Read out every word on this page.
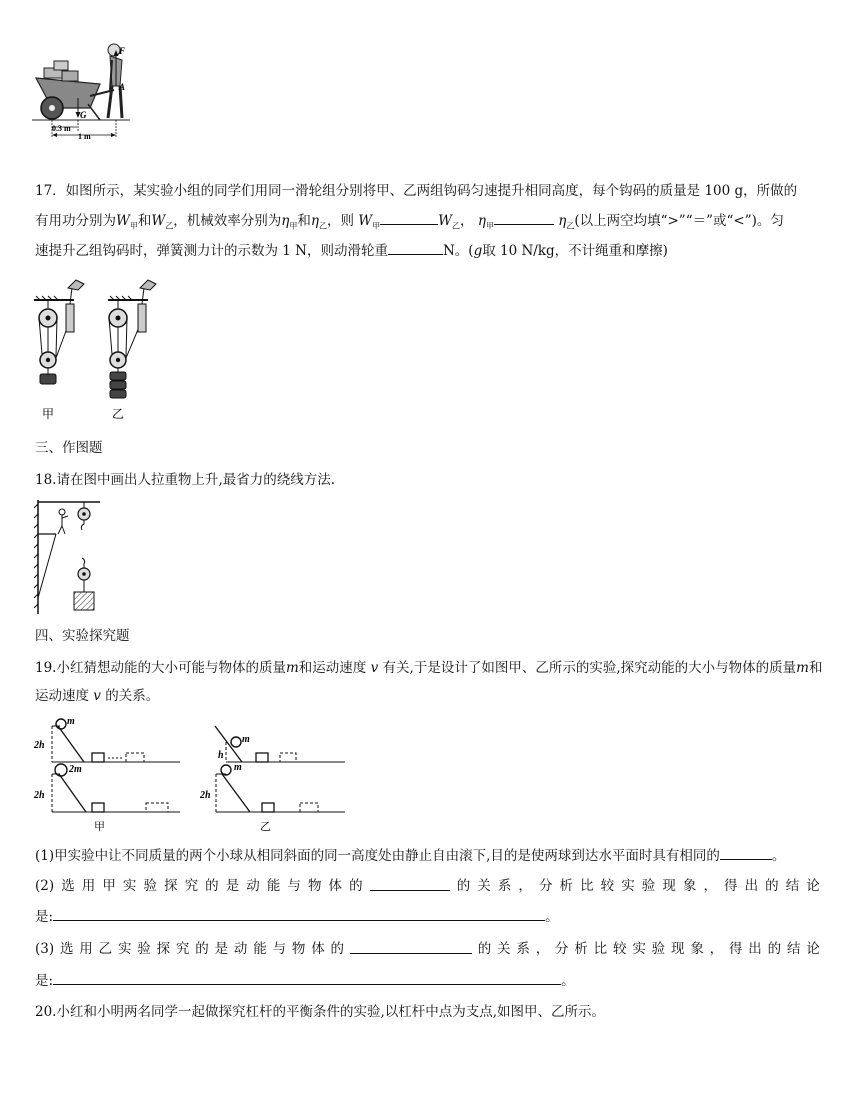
F
A
G
0.3 m
1 m
17．如图所示，某实验小组的同学们用同一滑轮组分别将甲、乙两组钩码匀速提升相同高度，每个钩码的质量是 100 g，所做的
有用功分别为$W_甲$和$W_乙$，机械效率分别为$\eta_甲$和$\eta_乙$，则 $W_甲$	$W_乙$， $\eta_甲$	$\eta_乙$(以上两空均填“>”“＝”或“<”)。匀
速提升乙组钩码时，弹簧测力计的示数为 1 N，则动滑轮重	N。(g取 10 N/kg，不计绳重和摩擦)
甲	乙
三、作图题
18.请在图中画出人拉重物上升,最省力的绕线方法.
四、实验探究题
19.小红猜想动能的大小可能与物体的质量m和运动速度 v 有关,于是设计了如图甲、乙所示的实验,探究动能的大小与物体的质量m和
运动速度 v 的关系。
2h
m
2h
2m
甲
h
m
2h
m
乙
(1)甲实验中让不同质量的两个小球从相同斜面的同一高度处由静止自由滚下,目的是使两球到达水平面时具有相同的	。
(2) 选 用 甲 实 验 探 究 的 是 动 能 与 物 体 的	的 关 系 ， 分 析 比 较 实 验 现 象 ， 得 出 的 结 论
是:	。
(3) 选 用 乙 实 验 探 究 的 是 动 能 与 物 体 的	的 关 系 ， 分 析 比 较 实 验 现 象 ， 得 出 的 结 论
是:	。
20.小红和小明两名同学一起做探究杠杆的平衡条件的实验,以杠杆中点为支点,如图甲、乙所示。
